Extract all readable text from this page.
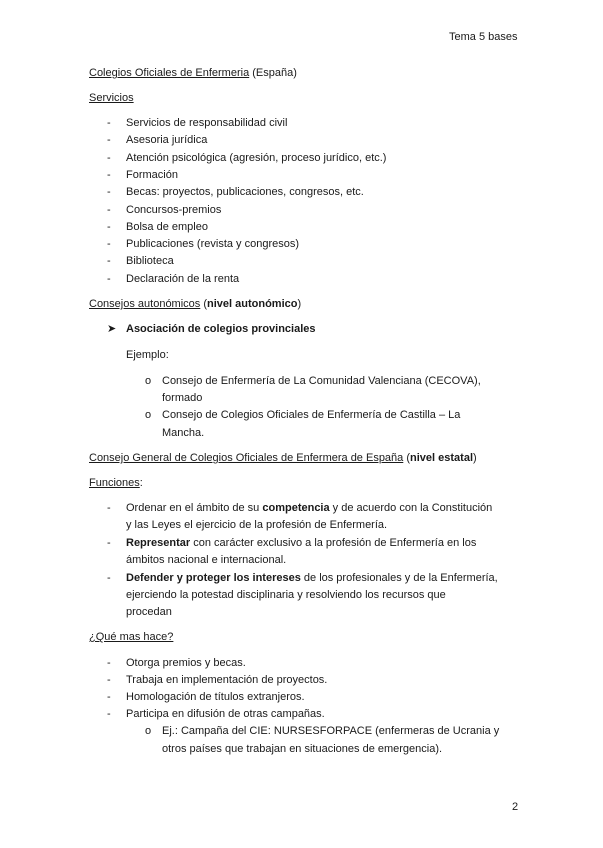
Tema 5 bases
Colegios Oficiales de Enfermeria (España)
Servicios
- Servicios de responsabilidad civil
- Asesoria jurídica
- Atención psicológica (agresión, proceso jurídico, etc.)
- Formación
- Becas: proyectos, publicaciones, congresos, etc.
- Concursos-premios
- Bolsa de empleo
- Publicaciones (revista y congresos)
- Biblioteca
- Declaración de la renta
Consejos autonómicos (nivel autonómico)
➤ Asociación de colegios provinciales
Ejemplo:
o Consejo de Enfermería de La Comunidad Valenciana (CECOVA),
formado
o Consejo de Colegios Oficiales de Enfermería de Castilla – La
Mancha.
Consejo General de Colegios Oficiales de Enfermera de España (nivel estatal)
Funciones:
- Ordenar en el ámbito de su competencia y de acuerdo con la Constitución
y las Leyes el ejercicio de la profesión de Enfermería.
- Representar con carácter exclusivo a la profesión de Enfermería en los
ámbitos nacional e internacional.
- Defender y proteger los intereses de los profesionales y de la Enfermería,
ejerciendo la potestad disciplinaria y resolviendo los recursos que
procedan
¿Qué mas hace?
- Otorga premios y becas.
- Trabaja en implementación de proyectos.
- Homologación de títulos extranjeros.
- Participa en difusión de otras campañas.
o Ej.: Campaña del CIE: NURSESFORPACE (enfermeras de Ucrania y
otros países que trabajan en situaciones de emergencia).
2
